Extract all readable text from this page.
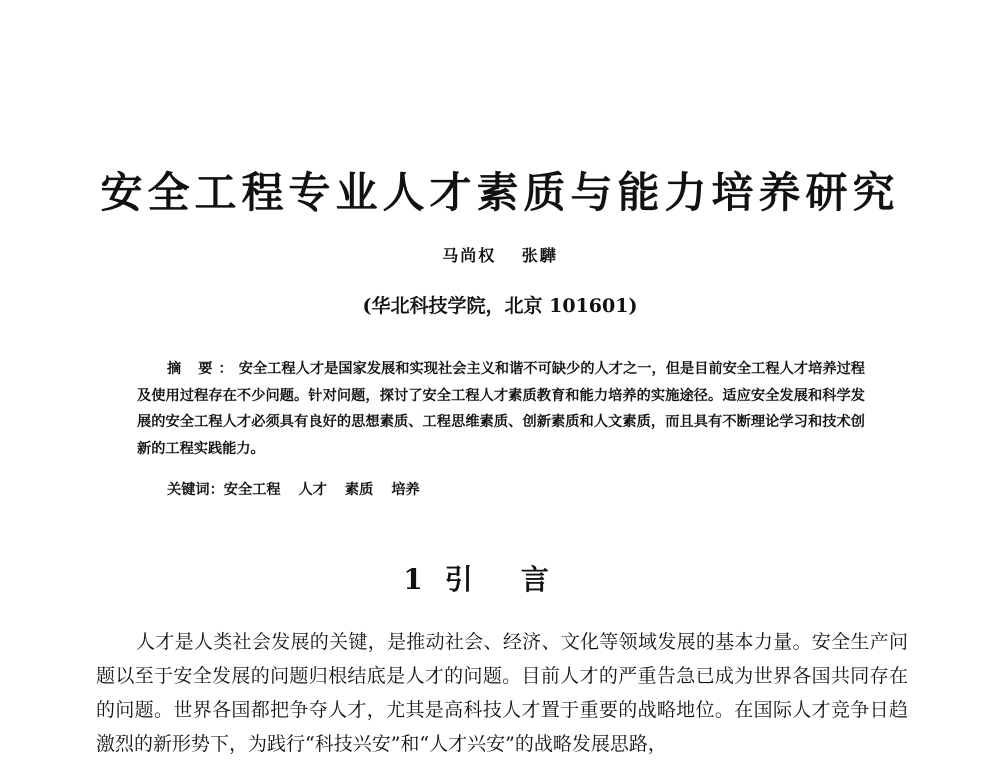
安全工程专业人才素质与能力培养研究
马尚权 张驊
(华北科技学院，北京 101601)

摘 要：安全工程人才是国家发展和实现社会主义和谐不可缺少的人才之一，但是目前安全工程人才培养过程及使用过程存在不少问题。针对问题，探讨了安全工程人才素质教育和能力培养的实施途径。适应安全发展和科学发展的安全工程人才必须具有良好的思想素质、工程思维素质、创新素质和人文素质，而且具有不断理论学习和技术创新的工程实践能力。

关键词：安全工程 人才 素质 培养

1 引言

人才是人类社会发展的关键，是推动社会、经济、文化等领域发展的基本力量。安全生产问题以至于安全发展的问题归根结底是人才的问题。目前人才的严重告急已成为世界各国共同存在的问题。世界各国都把争夺人才，尤其是高科技人才置于重要的战略地位。在国际人才竞争日趋激烈的新形势下，为践行“科技兴安”和“人才兴安”的战略发展思路，
